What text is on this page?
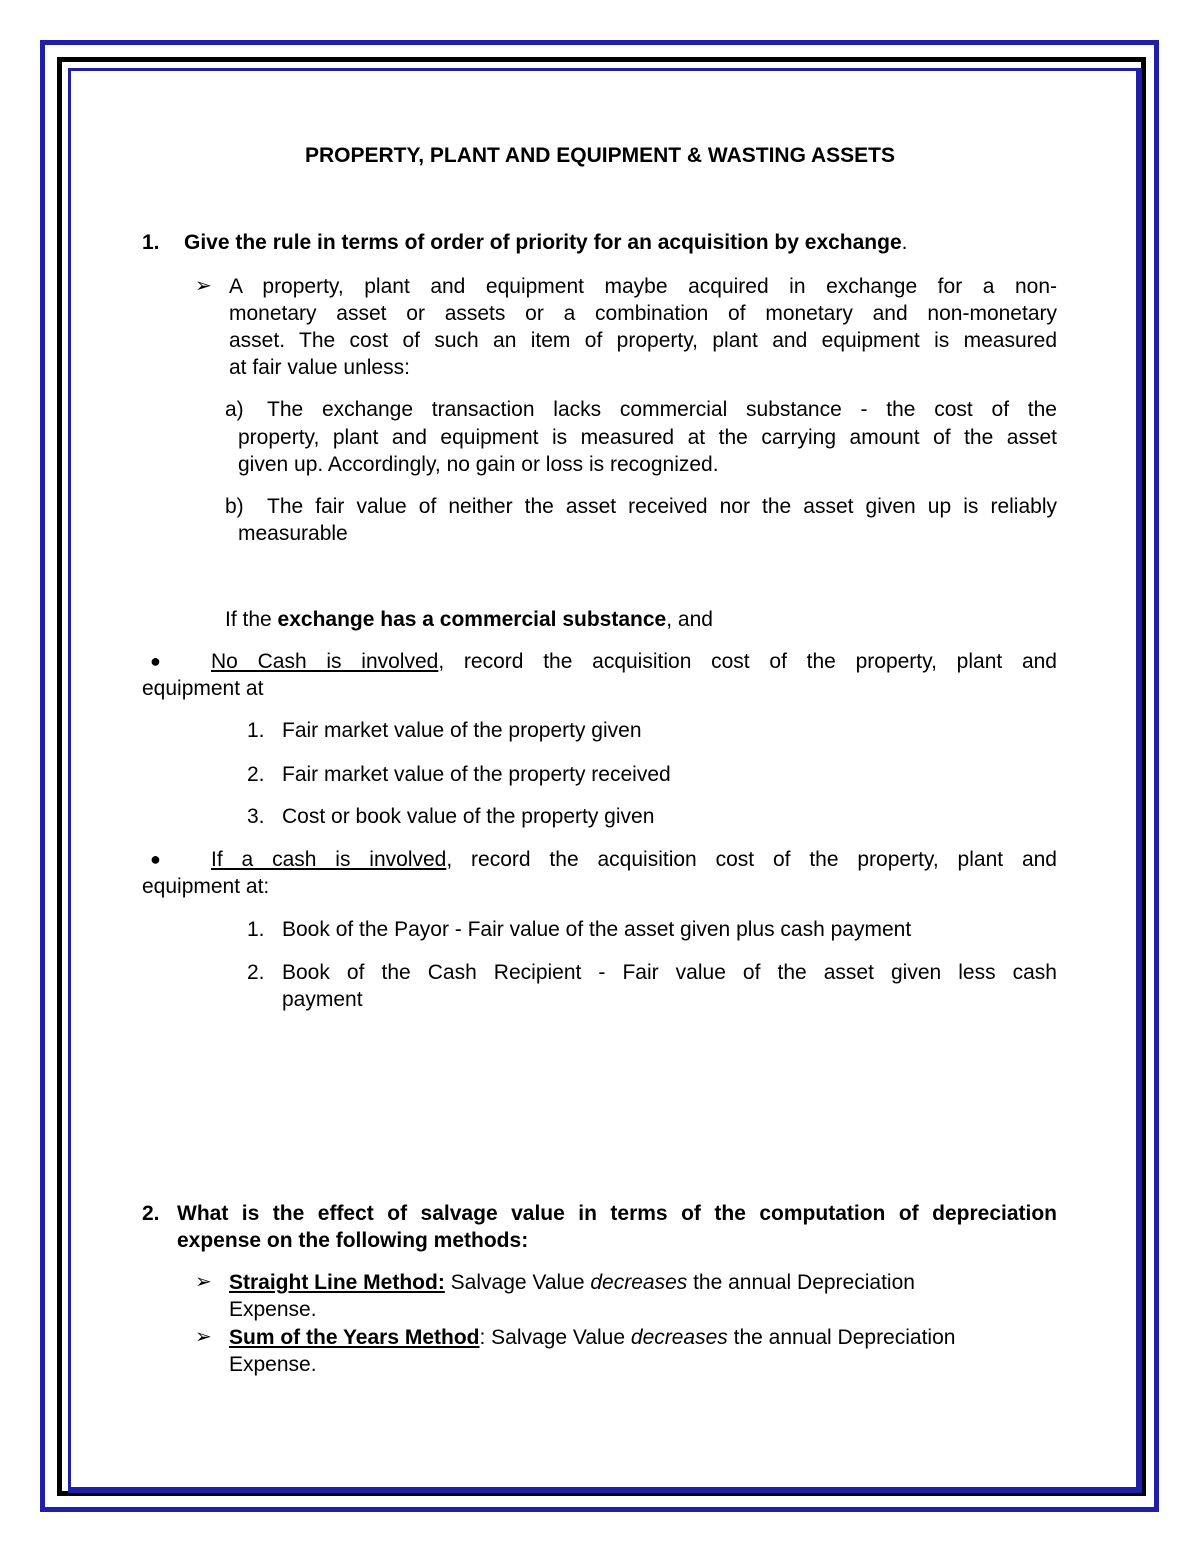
PROPERTY, PLANT AND EQUIPMENT & WASTING ASSETS
1. Give the rule in terms of order of priority for an acquisition by exchange.
➢ A property, plant and equipment maybe acquired in exchange for a non-
monetary asset or assets or a combination of monetary and non-monetary
asset. The cost of such an item of property, plant and equipment is measured
at fair value unless:
a) The exchange transaction lacks commercial substance - the cost of the
property, plant and equipment is measured at the carrying amount of the asset
given up. Accordingly, no gain or loss is recognized.
b) The fair value of neither the asset received nor the asset given up is reliably
measurable
If the exchange has a commercial substance, and
● No Cash is involved, record the acquisition cost of the property, plant and
equipment at
1. Fair market value of the property given
2. Fair market value of the property received
3. Cost or book value of the property given
● If a cash is involved, record the acquisition cost of the property, plant and
equipment at:
1. Book of the Payor - Fair value of the asset given plus cash payment
2. Book of the Cash Recipient - Fair value of the asset given less cash
payment
2. What is the effect of salvage value in terms of the computation of depreciation
expense on the following methods:
➢ Straight Line Method: Salvage Value decreases the annual Depreciation
Expense.
➢ Sum of the Years Method: Salvage Value decreases the annual Depreciation
Expense.
